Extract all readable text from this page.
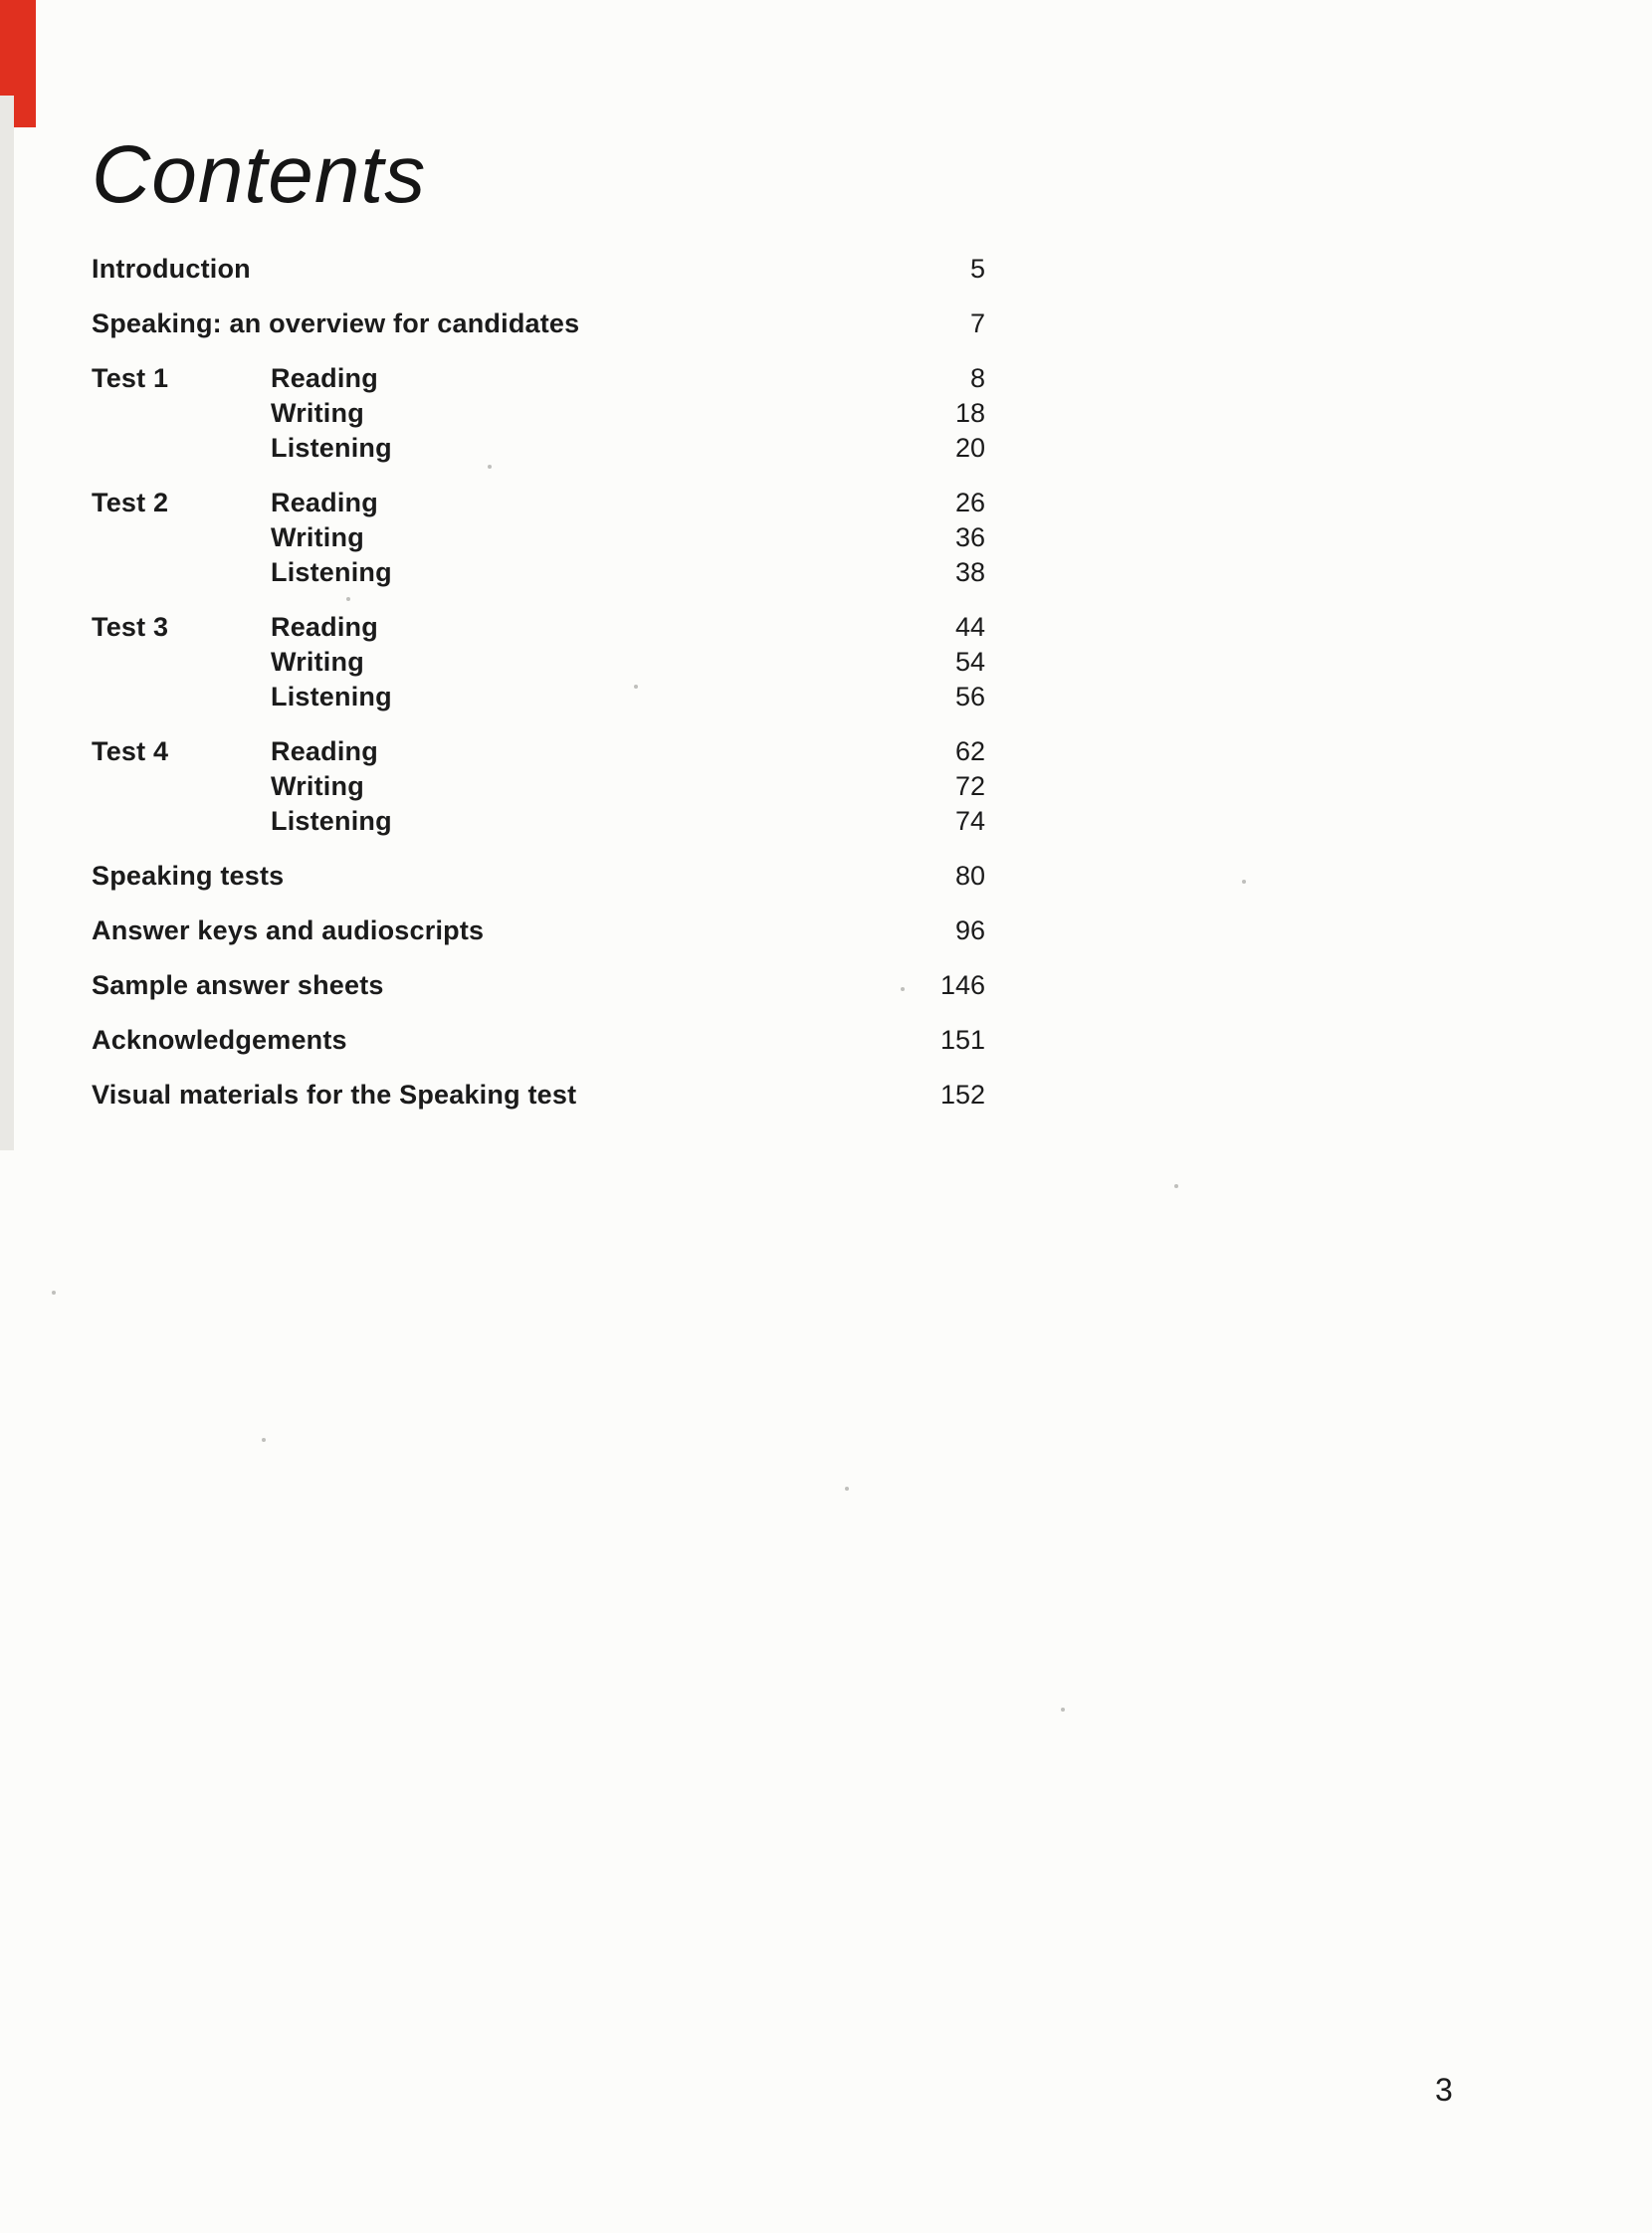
Contents
Introduction	5
Speaking: an overview for candidates	7
Test 1	Reading	8
Writing	18
Listening	20
Test 2	Reading	26
Writing	36
Listening	38
Test 3	Reading	44
Writing	54
Listening	56
Test 4	Reading	62
Writing	72
Listening	74
Speaking tests	80
Answer keys and audioscripts	96
Sample answer sheets	146
Acknowledgements	151
Visual materials for the Speaking test	152
3
